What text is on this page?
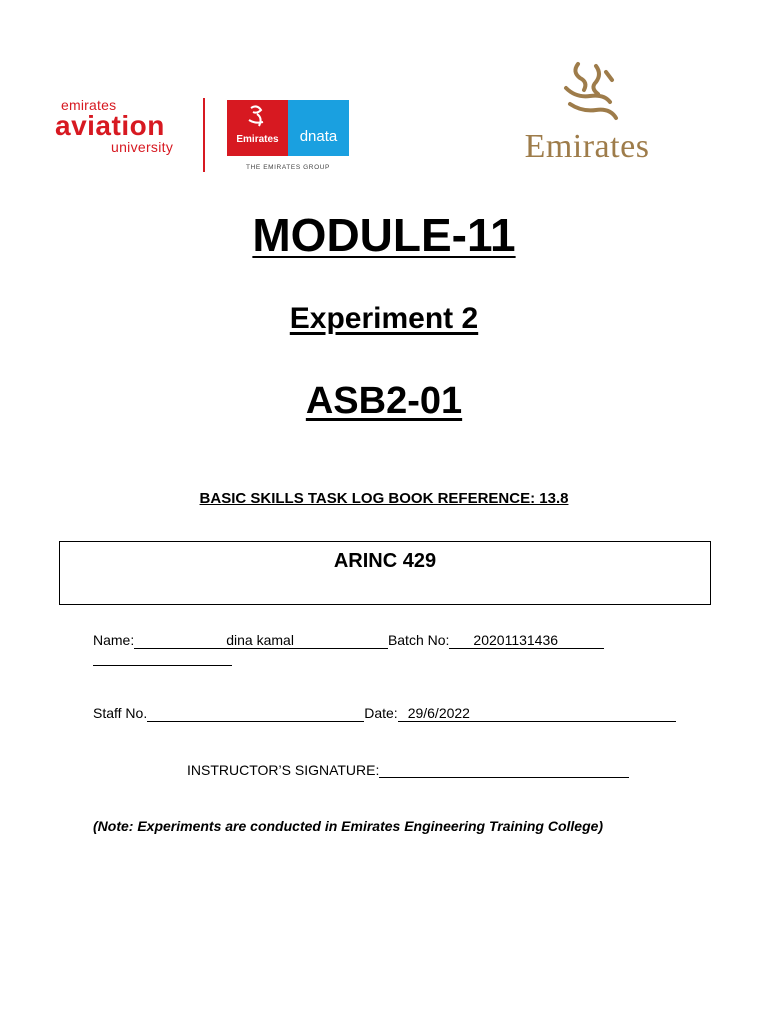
emirates
aviation
university	Emirates	dnata
THE EMIRATES GROUP
Emirates
MODULE-11
Experiment 2
ASB2-01
BASIC SKILLS TASK LOG BOOK REFERENCE: 13.8
ARINC 429
Name:	dina kamal	Batch No: 20201131436
Staff No.	Date: 29/6/2022
INSTRUCTOR’S SIGNATURE:
(Note: Experiments are conducted in Emirates Engineering Training College)
